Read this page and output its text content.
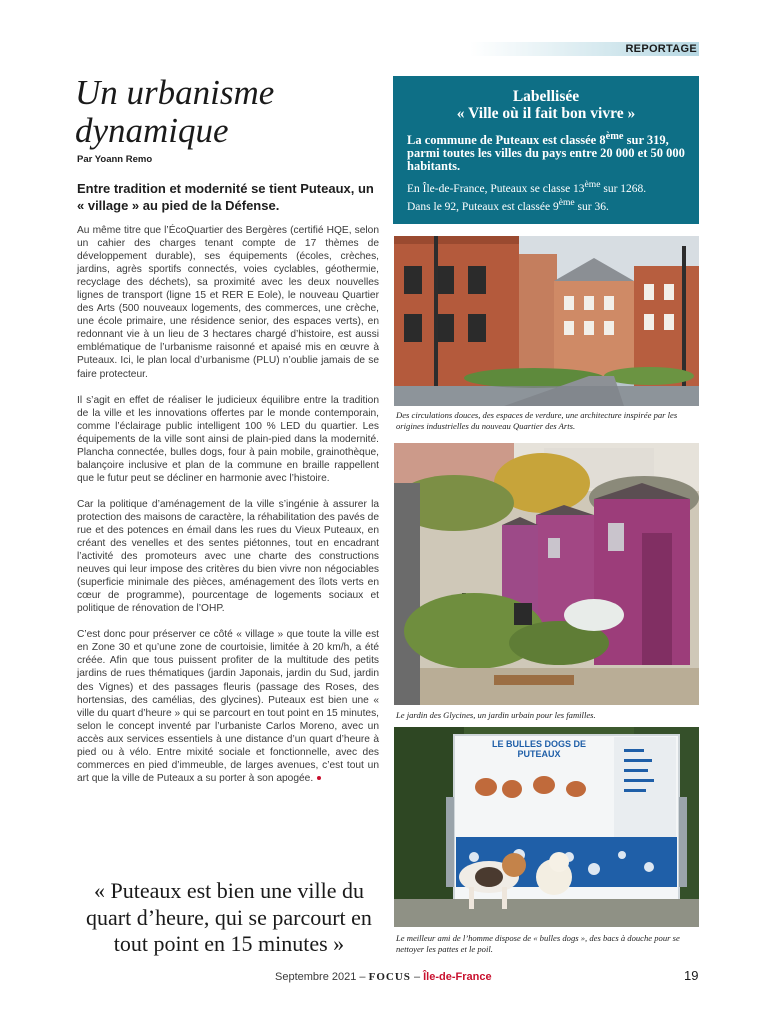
REPORTAGE
Un urbanisme
dynamique
Par Yoann Remo
Entre tradition et modernité se tient Puteaux, un « village » au pied de la Défense.

Au même titre que l’ÉcoQuartier des Bergères (certifié HQE, selon un cahier des charges tenant compte de 17 thèmes de développement durable), ses équipements (écoles, crèches, jardins, agrès sportifs connectés, voies cyclables, géothermie, recyclage des déchets), sa proximité avec les deux nouvelles lignes de transport (ligne 15 et RER E Eole), le nouveau Quartier des Arts (500 nouveaux logements, des commerces, une crèche, une école primaire, une résidence senior, des espaces verts), en redonnant vie à un lieu de 3 hectares chargé d’histoire, est aussi emblématique de l’urbanisme raisonné et apaisé mis en œuvre à Puteaux. Ici, le plan local d’urbanisme (PLU) n’oublie jamais de se faire protecteur.

Il s’agit en effet de réaliser le judicieux équilibre entre la tradition de la ville et les innovations offertes par le monde contemporain, comme l’éclairage public intelligent 100 % LED du quartier. Les équipements de la ville sont ainsi de plain-pied dans la modernité. Plancha connectée, bulles dogs, four à pain mobile, grainothèque, balançoire inclusive et plan de la commune en braille rappellent que le futur peut se décliner en harmonie avec l’histoire.

Car la politique d’aménagement de la ville s’ingénie à assurer la protection des maisons de caractère, la réhabilitation des pavés de rue et des potences en émail dans les rues du Vieux Puteaux, en créant des venelles et des sentes piétonnes, tout en encadrant l’activité des promoteurs avec une charte des constructions neuves qui leur impose des critères du bien vivre non négociables (superficie minimale des pièces, aménagement des îlots verts en cœur de programme), pourcentage de logements sociaux et politique de rénovation de l’OHP.

C’est donc pour préserver ce côté « village » que toute la ville est en Zone 30 et qu’une zone de courtoisie, limitée à 20 km/h, a été créée. Afin que tous puissent profiter de la multitude des petits jardins de rues thématiques (jardin Japonais, jardin du Sud, jardin des Vignes) et des passages fleuris (passage des Roses, des hortensias, des camélias, des glycines). Puteaux est bien une « ville du quart d’heure » qui se parcourt en tout point en 15 minutes, selon le concept inventé par l’urbaniste Carlos Moreno, avec un accès aux services essentiels à une distance d’un quart d’heure à pied ou à vélo. Entre mixité sociale et fonctionnelle, avec des commerces en pied d’immeuble, de larges avenues, c’est tout un art que la ville de Puteaux a su porter à son apogée.

« Puteaux est bien une ville du quart d’heure, qui se parcourt en tout point en 15 minutes »
Labellisée
« Ville où il fait bon vivre »
La commune de Puteaux est classée 8ème sur 319, parmi toutes les villes du pays entre 20 000 et 50 000 habitants.
En Île-de-France, Puteaux se classe 13ème sur 1268.
Dans le 92, Puteaux est classée 9ème sur 36.
Des circulations douces, des espaces de verdure, une architecture inspirée par les origines industrielles du nouveau Quartier des Arts.
Le jardin des Glycines, un jardin urbain pour les familles.
LE BULLES DOGS DE PUTEAUX
Le meilleur ami de l’homme dispose de « bulles dogs », des bacs à douche pour se nettoyer les pattes et le poil.
Septembre 2021 – FOCUS – Île-de-France	19
